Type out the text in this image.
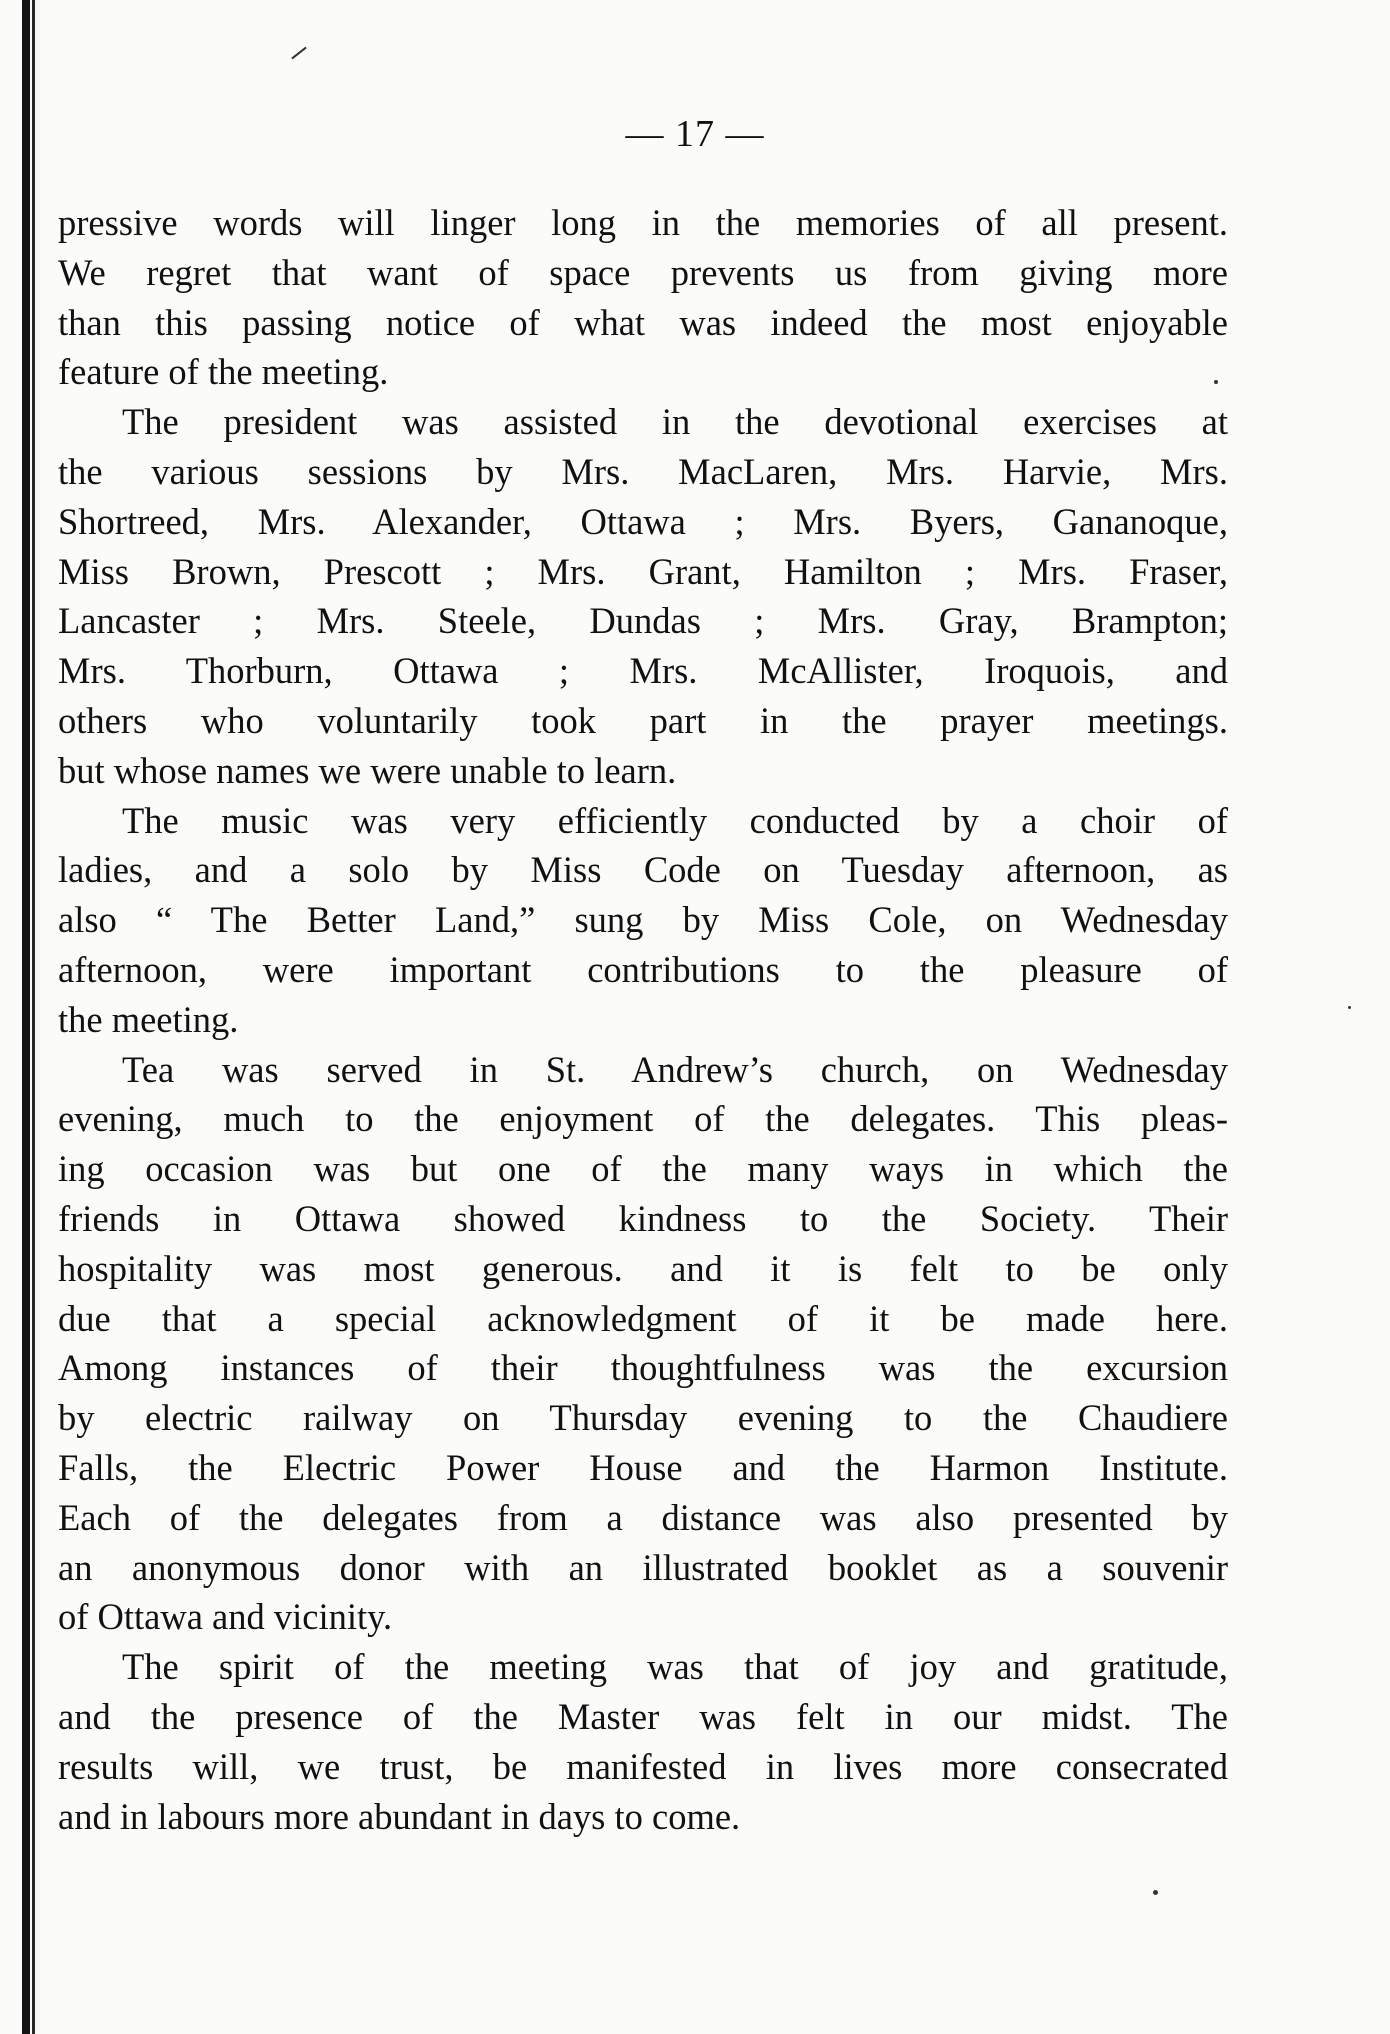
— 17 —
pressive words will linger long in the memories of all present.
We regret that want of space prevents us from giving more
than this passing notice of what was indeed the most enjoyable
feature of the meeting.
The president was assisted in the devotional exercises at
the various sessions by Mrs. MacLaren, Mrs. Harvie, Mrs.
Shortreed, Mrs. Alexander, Ottawa ; Mrs. Byers, Gananoque,
Miss Brown, Prescott ; Mrs. Grant, Hamilton ; Mrs. Fraser,
Lancaster ; Mrs. Steele, Dundas ; Mrs. Gray, Brampton;
Mrs. Thorburn, Ottawa ; Mrs. McAllister, Iroquois, and
others who voluntarily took part in the prayer meetings.
but whose names we were unable to learn.
The music was very efficiently conducted by a choir of
ladies, and a solo by Miss Code on Tuesday afternoon, as
also “ The Better Land,” sung by Miss Cole, on Wednesday
afternoon, were important contributions to the pleasure of
the meeting.
Tea was served in St. Andrew’s church, on Wednesday
evening, much to the enjoyment of the delegates. This pleas-
ing occasion was but one of the many ways in which the
friends in Ottawa showed kindness to the Society. Their
hospitality was most generous. and it is felt to be only
due that a special acknowledgment of it be made here.
Among instances of their thoughtfulness was the excursion
by electric railway on Thursday evening to the Chaudiere
Falls, the Electric Power House and the Harmon Institute.
Each of the delegates from a distance was also presented by
an anonymous donor with an illustrated booklet as a souvenir
of Ottawa and vicinity.
The spirit of the meeting was that of joy and gratitude,
and the presence of the Master was felt in our midst. The
results will, we trust, be manifested in lives more consecrated
and in labours more abundant in days to come.
